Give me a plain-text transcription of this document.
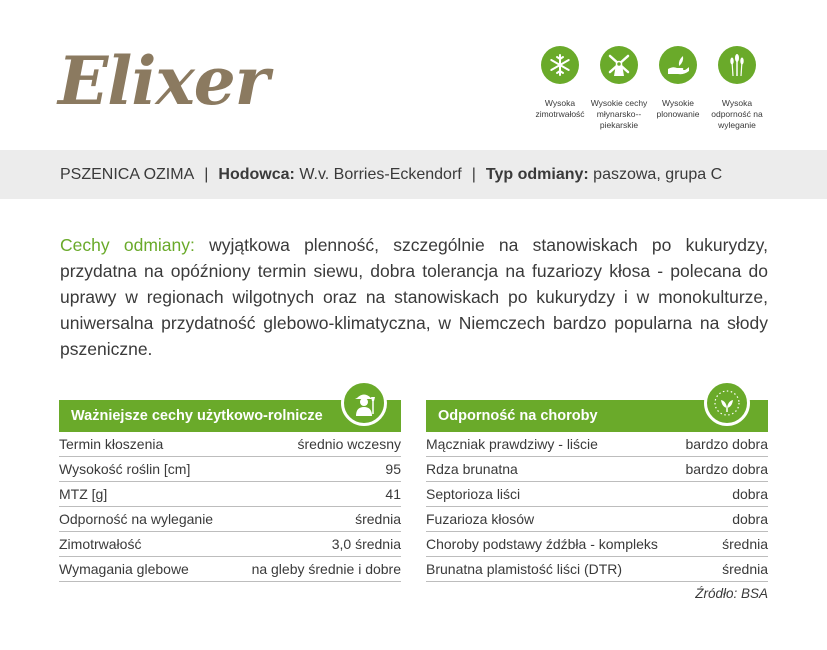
Elixer	Wysoka zimotrwałość
Wysokie cechy młynarsko--piekarskie
Wysokie plonowanie
Wysoka odporność na wyleganie
PSZENICA OZIMA | Hodowca:
W.v. Borries-Eckendorf | Typ odmiany:
paszowa, grupa C
Cechy odmiany: wyjątkowa plenność, szczególnie na stanowiskach po kukurydzy, przydatna na opóźniony termin siewu, dobra tolerancja na fuzariozy kłosa - polecana do uprawy w regionach wilgotnych oraz na stanowiskach po kukurydzy i w monokulturze, uniwersalna przydatność glebowo-klimatyczna, w Niemczech bardzo popularna na słody pszeniczne.
Ważniejsze cechy użytkowo-rolnicze
Termin kłoszenia	średnio wczesny
Wysokość roślin [cm]	95
MTZ [g]	41
Odporność na wyleganie	średnia
Zimotrwałość	3,0 średnia
Wymagania glebowe	na gleby średnie i dobre
Odporność na choroby
Mączniak prawdziwy - liście	bardzo dobra
Rdza brunatna	bardzo dobra
Septorioza liści	dobra
Fuzarioza kłosów	dobra
Choroby podstawy źdźbła - kompleks	średnia
Brunatna plamistość liści (DTR)	średnia
Źródło: BSA
